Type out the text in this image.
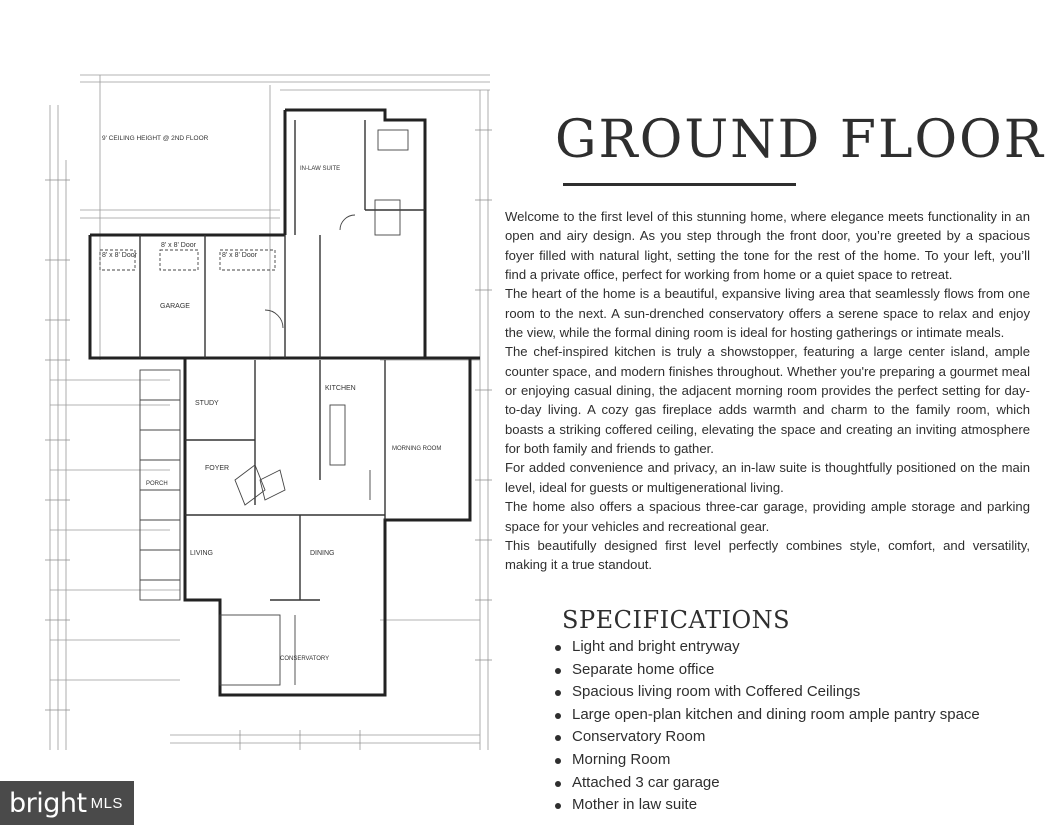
8' x 8' Door
8' x 8' Door
8' x 8' Door
GARAGE
LIVING	DINING
KITCHEN
STUDY
FOYER
MORNING ROOM
CONSERVATORY
PORCH
IN-LAW SUITE
9' CEILING HEIGHT @ 2ND FLOOR	GROUND FLOOR

Welcome to the first level of this stunning home, where elegance meets functionality in an open and airy design. As you step through the front door, you’re greeted by a spacious foyer filled with natural light, setting the tone for the rest of the home. To your left, you’ll find a private office, perfect for working from home or a quiet space to retreat.

The heart of the home is a beautiful, expansive living area that seamlessly flows from one room to the next. A sun-drenched conservatory offers a serene space to relax and enjoy the view, while the formal dining room is ideal for hosting gatherings or intimate meals.

The chef-inspired kitchen is truly a showstopper, featuring a large center island, ample counter space, and modern finishes throughout. Whether you're preparing a gourmet meal or enjoying casual dining, the adjacent morning room provides the perfect setting for day-to-day living. A cozy gas fireplace adds warmth and charm to the family room, which boasts a striking coffered ceiling, elevating the space and creating an inviting atmosphere for both family and friends to gather.

For added convenience and privacy, an in-law suite is thoughtfully positioned on the main level, ideal for guests or multigenerational living.

The home also offers a spacious three-car garage, providing ample storage and parking space for your vehicles and recreational gear.

This beautifully designed first level perfectly combines style, comfort, and versatility, making it a true standout.

SPECIFICATIONS
Light and bright entryway
Separate home office
Spacious living room with Coffered Ceilings
Large open-plan kitchen and dining room ample pantry space
Conservatory Room
Morning Room
Attached 3 car garage
Mother in law suite
bright MLS
